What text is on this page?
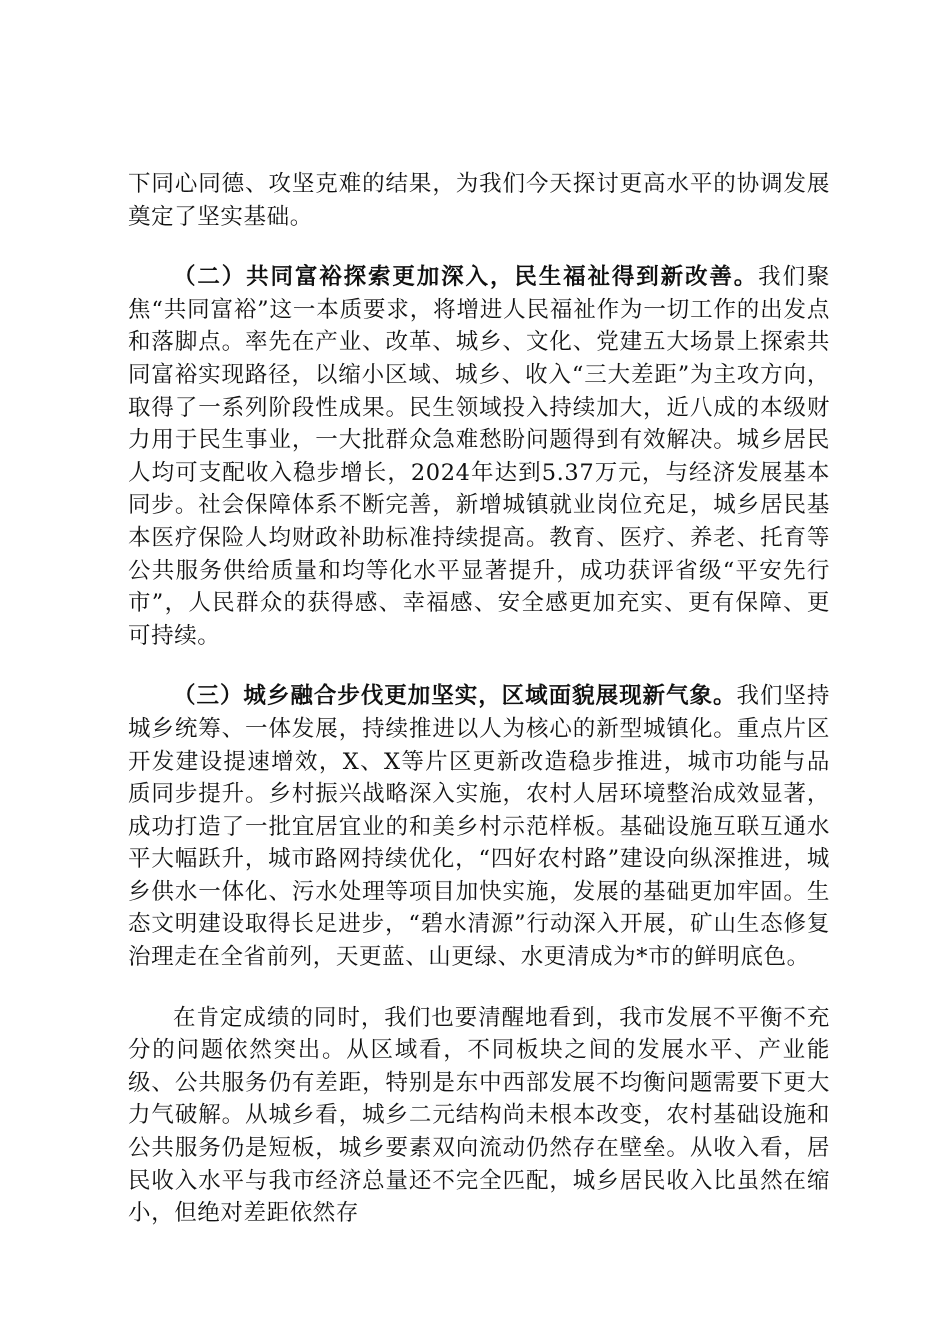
下同心同德、攻坚克难的结果，为我们今天探讨更高水平的协调发展奠定了坚实基础。

（二）共同富裕探索更加深入，民生福祉得到新改善。我们聚焦“共同富裕”这一本质要求，将增进人民福祉作为一切工作的出发点和落脚点。率先在产业、改革、城乡、文化、党建五大场景上探索共同富裕实现路径，以缩小区域、城乡、收入“三大差距”为主攻方向，取得了一系列阶段性成果。民生领域投入持续加大，近八成的本级财力用于民生事业，一大批群众急难愁盼问题得到有效解决。城乡居民人均可支配收入稳步增长，2024年达到5.37万元，与经济发展基本同步。社会保障体系不断完善，新增城镇就业岗位充足，城乡居民基本医疗保险人均财政补助标准持续提高。教育、医疗、养老、托育等公共服务供给质量和均等化水平显著提升，成功获评省级“平安先行市”，人民群众的获得感、幸福感、安全感更加充实、更有保障、更可持续。

（三）城乡融合步伐更加坚实，区域面貌展现新气象。我们坚持城乡统筹、一体发展，持续推进以人为核心的新型城镇化。重点片区开发建设提速增效，X、X等片区更新改造稳步推进，城市功能与品质同步提升。乡村振兴战略深入实施，农村人居环境整治成效显著，成功打造了一批宜居宜业的和美乡村示范样板。基础设施互联互通水平大幅跃升，城市路网持续优化，“四好农村路”建设向纵深推进，城乡供水一体化、污水处理等项目加快实施，发展的基础更加牢固。生态文明建设取得长足进步，“碧水清源”行动深入开展，矿山生态修复治理走在全省前列，天更蓝、山更绿、水更清成为*市的鲜明底色。

在肯定成绩的同时，我们也要清醒地看到，我市发展不平衡不充分的问题依然突出。从区域看，不同板块之间的发展水平、产业能级、公共服务仍有差距，特别是东中西部发展不均衡问题需要下更大力气破解。从城乡看，城乡二元结构尚未根本改变，农村基础设施和公共服务仍是短板，城乡要素双向流动仍然存在壁垒。从收入看，居民收入水平与我市经济总量还不完全匹配，城乡居民收入比虽然在缩小，但绝对差距依然存
